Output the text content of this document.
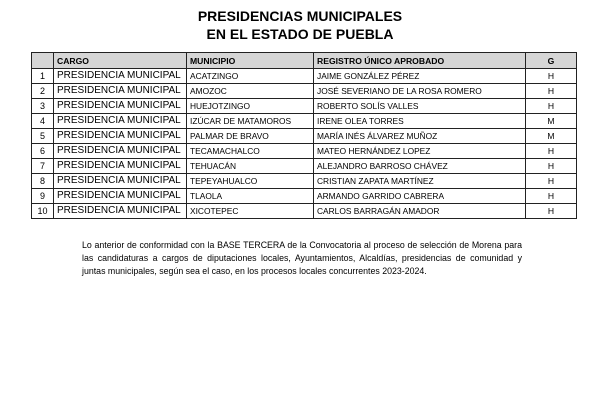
PRESIDENCIAS MUNICIPALES
EN EL ESTADO DE PUEBLA
	CARGO	MUNICIPIO	REGISTRO ÚNICO APROBADO	G
1	PRESIDENCIA MUNICIPAL	ACATZINGO	JAIME GONZÁLEZ PÉREZ	H
2	PRESIDENCIA MUNICIPAL	AMOZOC	JOSÉ SEVERIANO DE LA ROSA ROMERO	H
3	PRESIDENCIA MUNICIPAL	HUEJOTZINGO	ROBERTO SOLÍS VALLES	H
4	PRESIDENCIA MUNICIPAL	IZÚCAR DE MATAMOROS	IRENE OLEA TORRES	M
5	PRESIDENCIA MUNICIPAL	PALMAR DE BRAVO	MARÍA INÉS ÁLVAREZ MUÑOZ	M
6	PRESIDENCIA MUNICIPAL	TECAMACHALCO	MATEO HERNÁNDEZ LOPEZ	H
7	PRESIDENCIA MUNICIPAL	TEHUACÁN	ALEJANDRO BARROSO CHÁVEZ	H
8	PRESIDENCIA MUNICIPAL	TEPEYAHUALCO	CRISTIAN ZAPATA MARTÍNEZ	H
9	PRESIDENCIA MUNICIPAL	TLAOLA	ARMANDO GARRIDO CABRERA	H
10	PRESIDENCIA MUNICIPAL	XICOTEPEC	CARLOS BARRAGÁN AMADOR	H
Lo anterior de conformidad con la BASE TERCERA de la Convocatoria al proceso de selección de Morena para las candidaturas a cargos de diputaciones locales, Ayuntamientos, Alcaldías, presidencias de comunidad y juntas municipales, según sea el caso, en los procesos locales concurrentes 2023-2024.
